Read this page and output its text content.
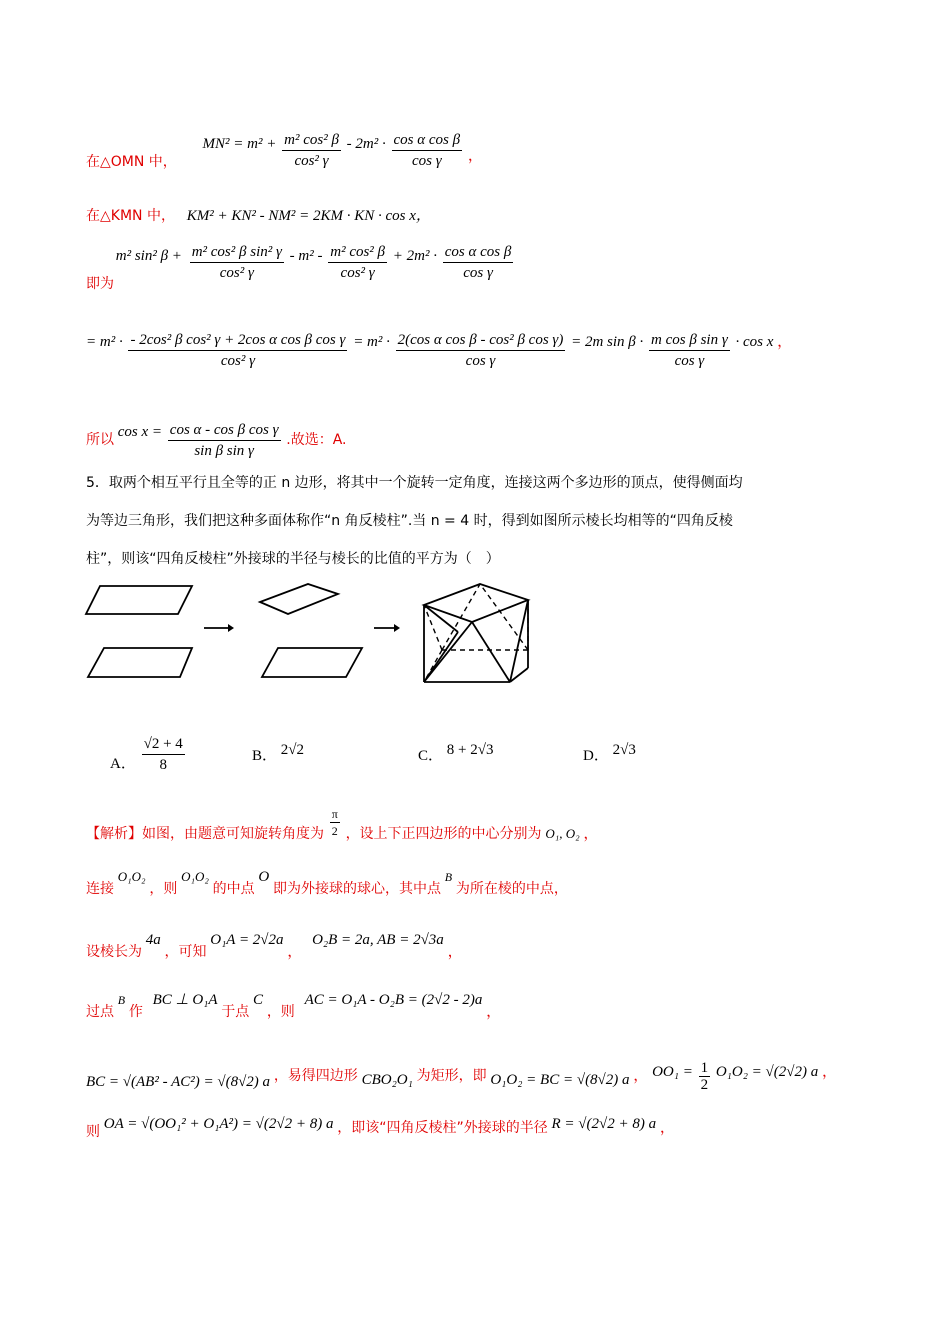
在△OMN 中， $MN^2 = m^2 + \frac{\text{m² cos² β}}{\text{cos² γ}} - 2m^2 \cdot \frac{\text{cos α cos β}}{\text{cos γ}}$ ，
在△KMN 中， KM² + KN² - NM² = 2KM · KN · cos x，
即为 m² sin² $\beta + \frac{\text{m² cos² β sin² γ}}{\text{cos² γ}} - m^2 - \frac{\text{m² cos² β}}{\text{cos² γ}} + 2m^2 \cdot \frac{\text{cos α cos β}}{\text{cos γ}}$
= $m^2 \cdot \frac{\text{- 2cos² β cos² γ + 2cos α cos β cos γ}}{\text{cos² γ}} = m^2 \cdot \frac{\text{2(cos α cos β - cos² β cos γ)}}{\text{cos γ}} = 2m$ $\sin \beta \cdot \frac{\text{m cos β sin γ}}{\text{cos γ}} \cdot \cos x$ ，
所以 $\cos x = \frac{\text{cos α - cos β cos γ}}{\text{sin β sin γ}}$ .故选：A.
5．取两个相互平行且全等的正 n 边形，将其中一个旋转一定角度，连接这两个多边形的顶点，使得侧面均
为等边三角形，我们把这种多面体称作“n 角反棱柱”.当 n = 4 时，得到如图所示棱长均相等的“四角反棱
柱”，则该“四角反棱柱”外接球的半径与棱长的比值的平方为（　）
A． $\frac{√2 + 4}{8}$	B． 2√2	C． 8 + 2√3	D． 2√3
【解析】如图，由题意可知旋转角度为 $\frac{\pi}{2}$ ，设上下正四边形的中心分别为 O₁, O₂ ，
连接 O₁O₂ ，则 O₁O₂ 的中点 O 即为外接球的球心，其中点 B 为所在棱的中点，
设棱长为 4a ，可知 O₁A = 2√2a ， O₂B = 2a, AB = 2√3a ，
过点 B 作 BC ⊥ O₁A 于点 C ，则 AC = O₁A - O₂B = (2√2 - 2)a ，
BC = √(AB² - AC²) = √(8√2) a ，易得四边形 CBO₂O₁ 为矩形，即 O₁O₂ = BC = √(8√2) a ， $OO_1 = \frac{1}{2} O_1O_2 = √(2√2)$ a ，
则 OA = √(OO₁² + O₁A²) = √(2√2 + 8) a ，即该“四角反棱柱”外接球的半径 R = √(2√2 + 8) a ，
